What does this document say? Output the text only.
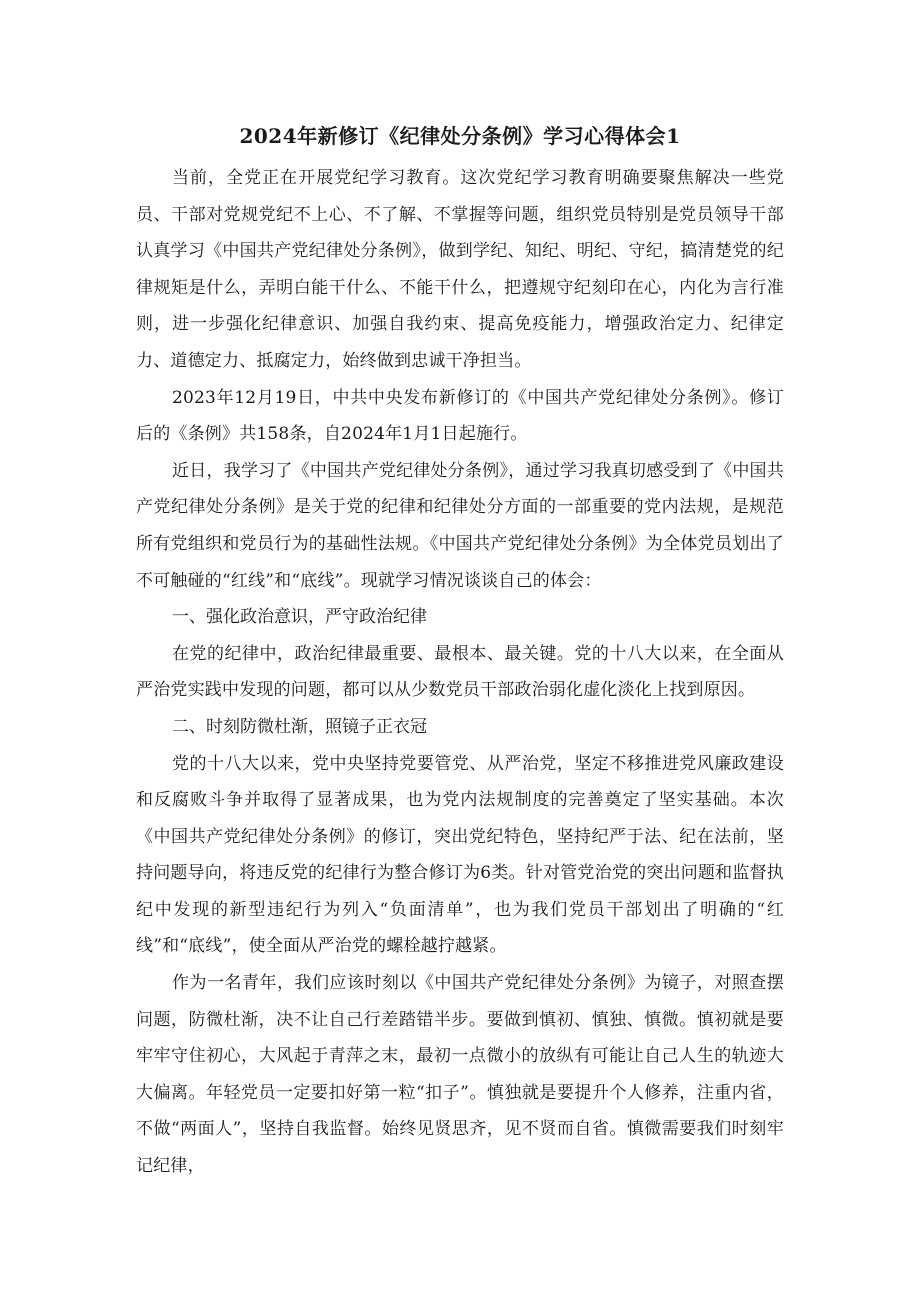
2024年新修订《纪律处分条例》学习心得体会1

当前，全党正在开展党纪学习教育。这次党纪学习教育明确要聚焦解决一些党员、干部对党规党纪不上心、不了解、不掌握等问题，组织党员特别是党员领导干部认真学习《中国共产党纪律处分条例》，做到学纪、知纪、明纪、守纪，搞清楚党的纪律规矩是什么，弄明白能干什么、不能干什么，把遵规守纪刻印在心，内化为言行准则，进一步强化纪律意识、加强自我约束、提高免疫能力，增强政治定力、纪律定力、道德定力、抵腐定力，始终做到忠诚干净担当。

2023年12月19日，中共中央发布新修订的《中国共产党纪律处分条例》。修订后的《条例》共158条，自2024年1月1日起施行。

近日，我学习了《中国共产党纪律处分条例》，通过学习我真切感受到了《中国共产党纪律处分条例》是关于党的纪律和纪律处分方面的一部重要的党内法规，是规范所有党组织和党员行为的基础性法规。《中国共产党纪律处分条例》为全体党员划出了不可触碰的“红线”和“底线”。现就学习情况谈谈自己的体会：

一、强化政治意识，严守政治纪律

在党的纪律中，政治纪律最重要、最根本、最关键。党的十八大以来，在全面从严治党实践中发现的问题，都可以从少数党员干部政治弱化虚化淡化上找到原因。

二、时刻防微杜渐，照镜子正衣冠

党的十八大以来，党中央坚持党要管党、从严治党，坚定不移推进党风廉政建设和反腐败斗争并取得了显著成果，也为党内法规制度的完善奠定了坚实基础。本次《中国共产党纪律处分条例》的修订，突出党纪特色，坚持纪严于法、纪在法前，坚持问题导向，将违反党的纪律行为整合修订为6类。针对管党治党的突出问题和监督执纪中发现的新型违纪行为列入“负面清单”，也为我们党员干部划出了明确的“红线”和“底线”，使全面从严治党的螺栓越拧越紧。

作为一名青年，我们应该时刻以《中国共产党纪律处分条例》为镜子，对照查摆问题，防微杜渐，决不让自己行差踏错半步。要做到慎初、慎独、慎微。慎初就是要牢牢守住初心，大风起于青萍之末，最初一点微小的放纵有可能让自己人生的轨迹大大偏离。年轻党员一定要扣好第一粒“扣子”。慎独就是要提升个人修养，注重内省，不做“两面人”，坚持自我监督。始终见贤思齐，见不贤而自省。慎微需要我们时刻牢记纪律，
